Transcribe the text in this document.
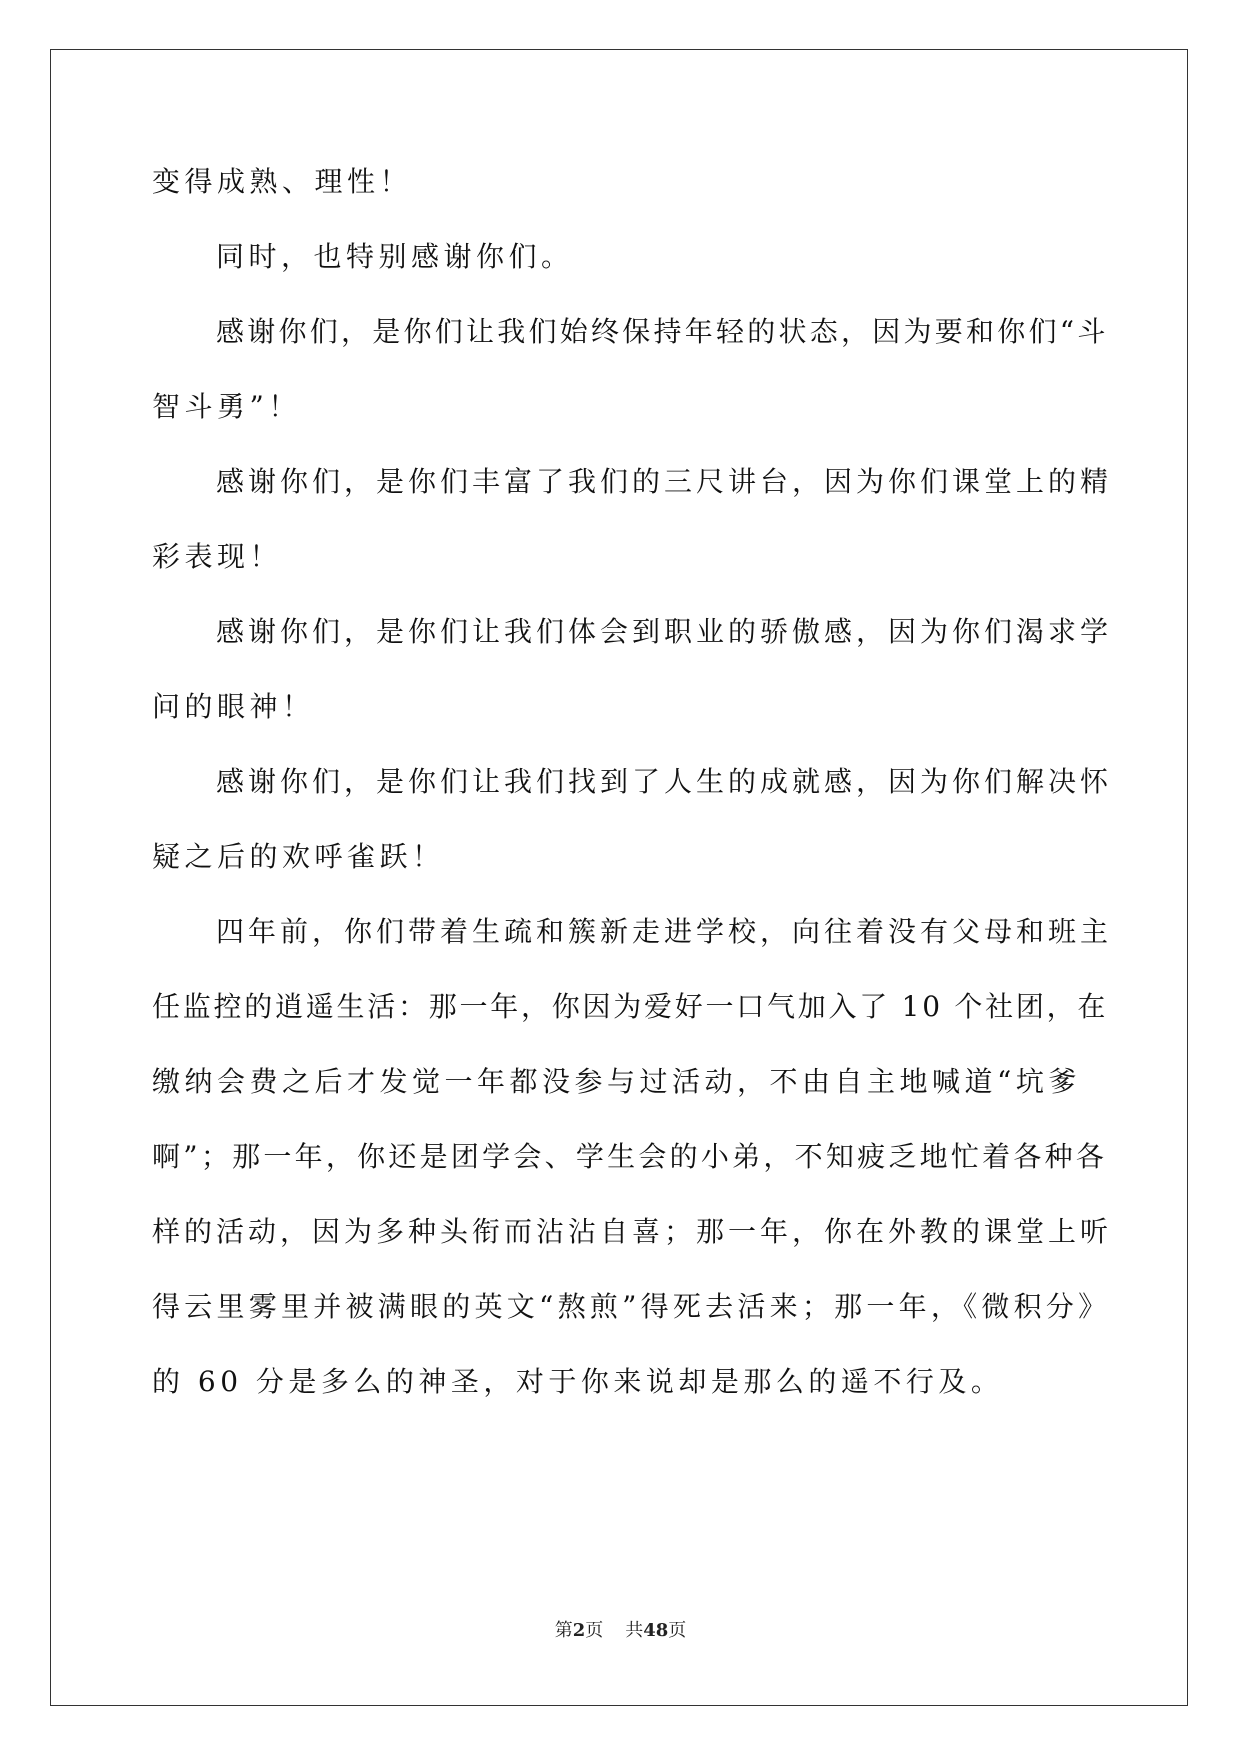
变得成熟、理性！
同时，也特别感谢你们。
感谢你们，是你们让我们始终保持年轻的状态，因为要和你们“斗
智斗勇”！
感谢你们，是你们丰富了我们的三尺讲台，因为你们课堂上的精
彩表现！
感谢你们，是你们让我们体会到职业的骄傲感，因为你们渴求学
问的眼神！
感谢你们，是你们让我们找到了人生的成就感，因为你们解决怀
疑之后的欢呼雀跃！
四年前，你们带着生疏和簇新走进学校，向往着没有父母和班主
任监控的逍遥生活：那一年，你因为爱好一口气加入了 10 个社团，在
缴纳会费之后才发觉一年都没参与过活动，不由自主地喊道“坑爹
啊”；那一年，你还是团学会、学生会的小弟，不知疲乏地忙着各种各
样的活动，因为多种头衔而沾沾自喜；那一年，你在外教的课堂上听
得云里雾里并被满眼的英文“熬煎”得死去活来；那一年，《微积分》
的 60 分是多么的神圣，对于你来说却是那么的遥不行及。
第2页 共48页
